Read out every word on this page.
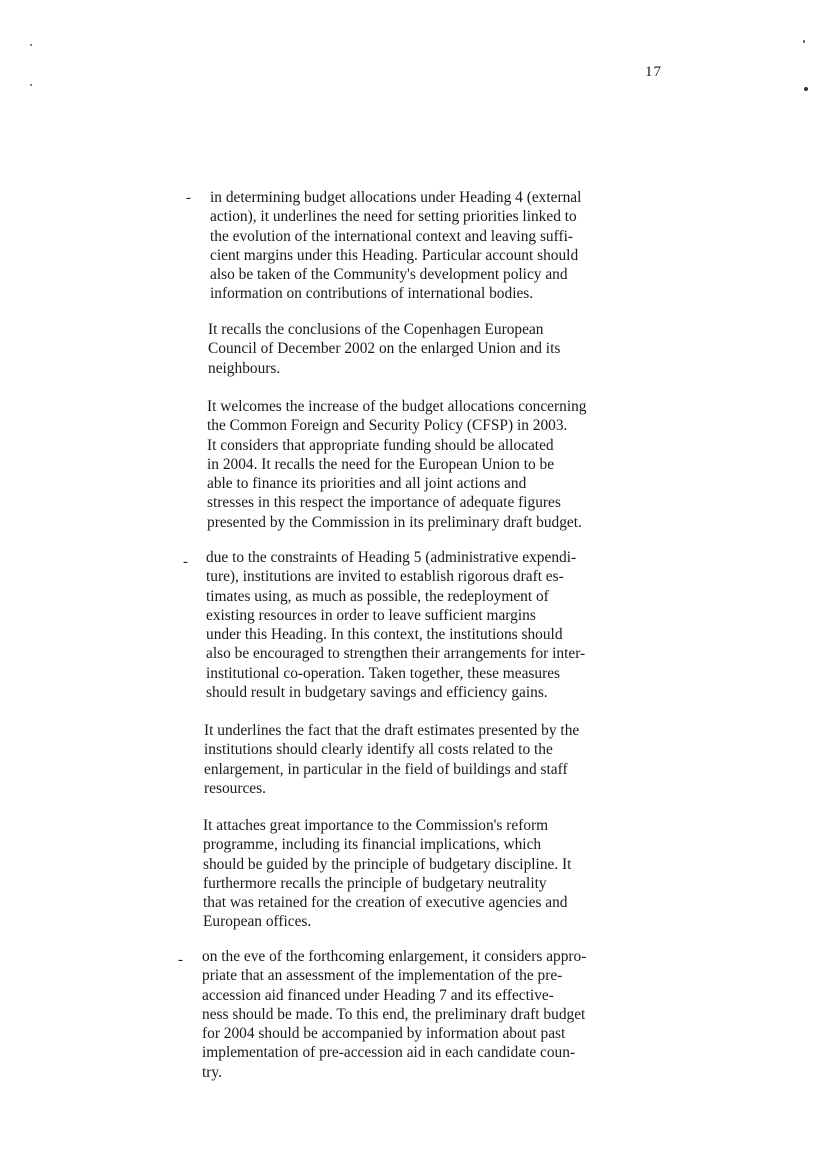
17
- in determining budget allocations under Heading 4 (external
action), it underlines the need for setting priorities linked to
the evolution of the international context and leaving suffi-
cient margins under this Heading. Particular account should
also be taken of the Community's development policy and
information on contributions of international bodies.
It recalls the conclusions of the Copenhagen European
Council of December 2002 on the enlarged Union and its
neighbours.
It welcomes the increase of the budget allocations concerning
the Common Foreign and Security Policy (CFSP) in 2003.
It considers that appropriate funding should be allocated
in 2004. It recalls the need for the European Union to be
able to finance its priorities and all joint actions and
stresses in this respect the importance of adequate figures
presented by the Commission in its preliminary draft budget.
- due to the constraints of Heading 5 (administrative expendi-
ture), institutions are invited to establish rigorous draft es-
timates using, as much as possible, the redeployment of
existing resources in order to leave sufficient margins
under this Heading. In this context, the institutions should
also be encouraged to strengthen their arrangements for inter-
institutional co-operation. Taken together, these measures
should result in budgetary savings and efficiency gains.
It underlines the fact that the draft estimates presented by the
institutions should clearly identify all costs related to the
enlargement, in particular in the field of buildings and staff
resources.
It attaches great importance to the Commission's reform
programme, including its financial implications, which
should be guided by the principle of budgetary discipline. It
furthermore recalls the principle of budgetary neutrality
that was retained for the creation of executive agencies and
European offices.
- on the eve of the forthcoming enlargement, it considers appro-
priate that an assessment of the implementation of the pre-
accession aid financed under Heading 7 and its effective-
ness should be made. To this end, the preliminary draft budget
for 2004 should be accompanied by information about past
implementation of pre-accession aid in each candidate coun-
try.
